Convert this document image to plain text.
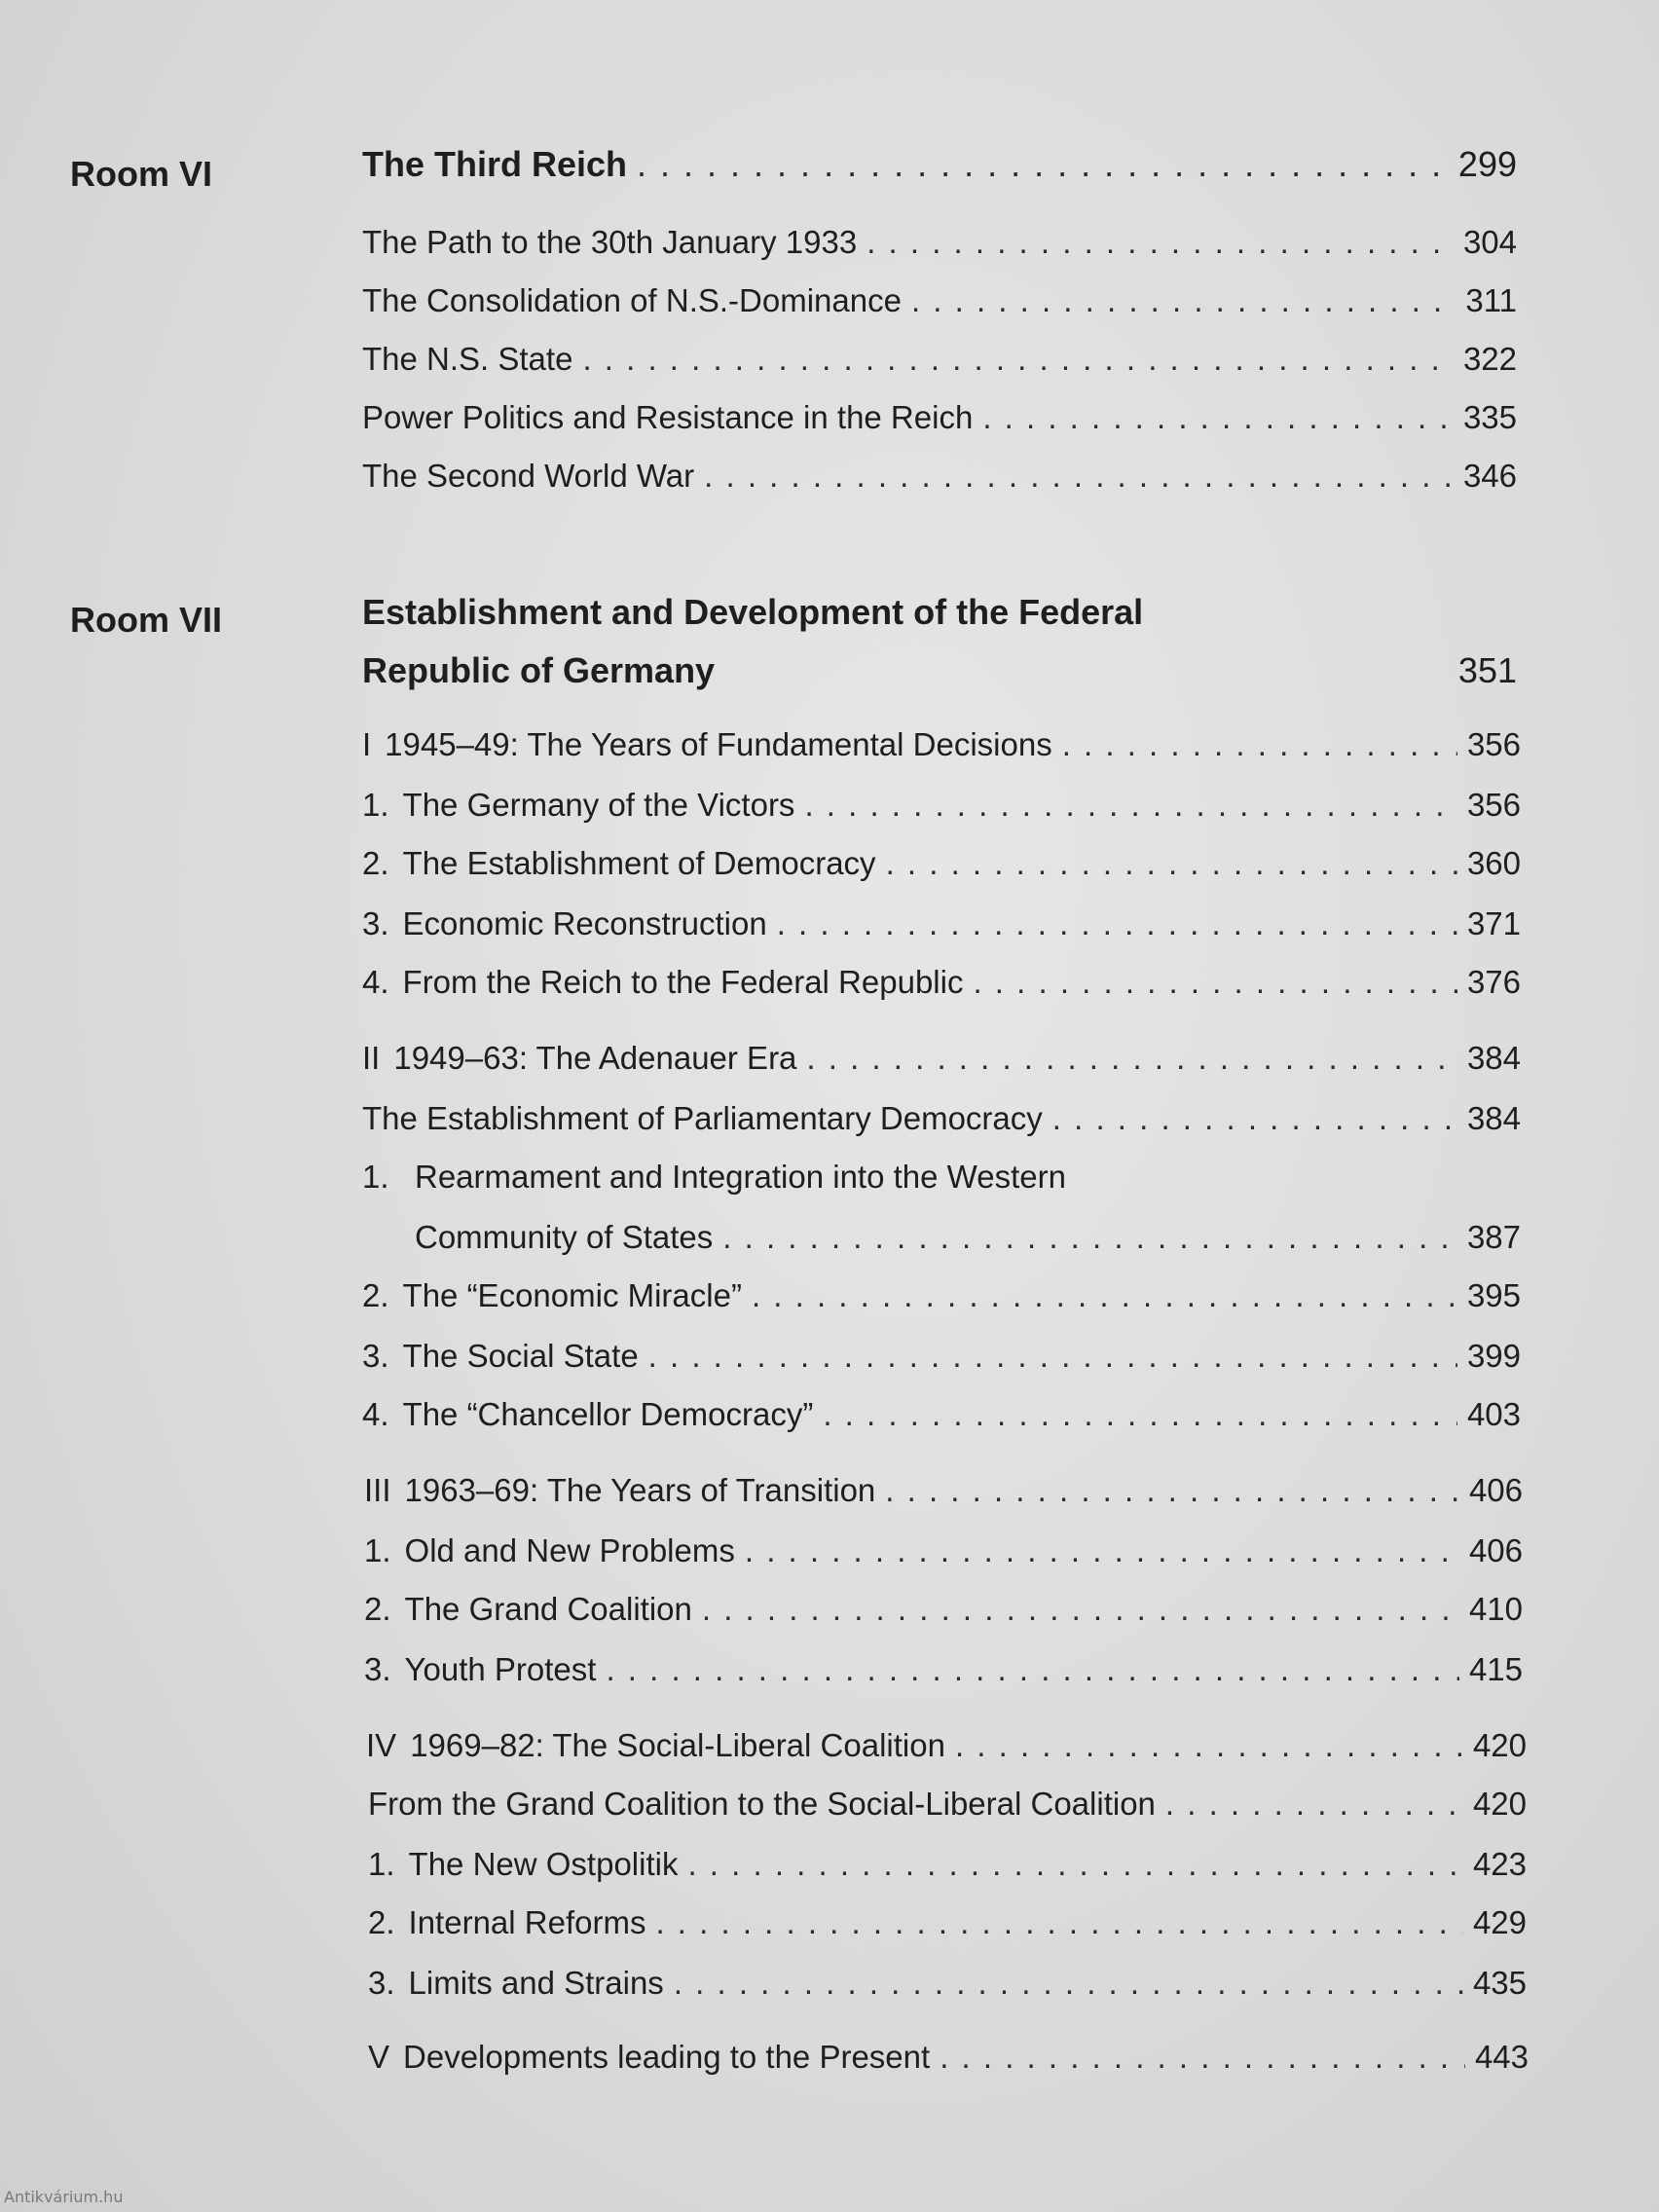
Room VI	The Third Reich . . .	299
The Path to the 30th January 1933 . . .	304
The Consolidation of N.S.-Dominance . . .	311
The N.S. State . . .	322
Power Politics and Resistance in the Reich . . .	335
The Second World War . . .	346
Room VII	Establishment and Development of the Federal
Republic of Germany	351
I 1945–49: The Years of Fundamental Decisions . . .	356
1. The Germany of the Victors . . .	356
2. The Establishment of Democracy . . .	360
3. Economic Reconstruction . . .	371
4. From the Reich to the Federal Republic . . .	376
II 1949–63: The Adenauer Era . . .	384
The Establishment of Parliamentary Democracy . . .	384
1. Rearmament and Integration into the Western
Community of States . . .	387
2. The “Economic Miracle” . . .	395
3. The Social State . . .	399
4. The “Chancellor Democracy” . . .	403
III 1963–69: The Years of Transition . . .	406
1. Old and New Problems . . .	406
2. The Grand Coalition . . .	410
3. Youth Protest . . .	415
IV 1969–82: The Social-Liberal Coalition . . .	420
From the Grand Coalition to the Social-Liberal Coalition . . .	420
1. The New Ostpolitik . . .	423
2. Internal Reforms . . .	429
3. Limits and Strains . . .	435
V Developments leading to the Present . . .	443
Antikvárium.hu
